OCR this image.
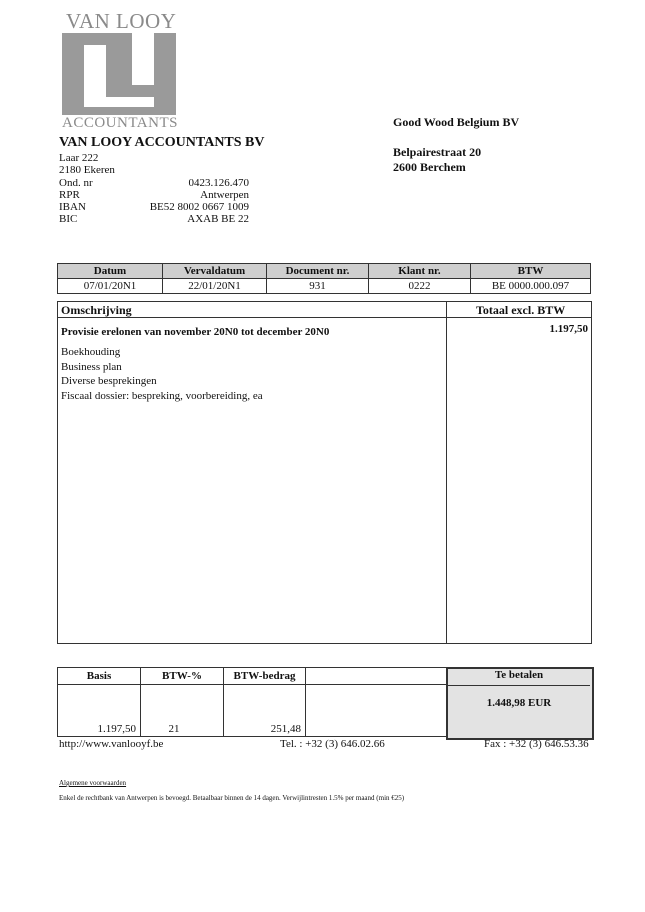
VAN LOOY
ACCOUNTANTS
VAN LOOY ACCOUNTANTS BV
Laar 222
2180 Ekeren
Ond. nr	0423.126.470
RPR	Antwerpen
IBAN	BE52 8002 0667 1009
BIC	AXAB BE 22
Good Wood Belgium BV
Belpairestraat 20
2600 Berchem
Datum	Vervaldatum	Document nr.	Klant nr.	BTW
07/01/20N1	22/01/20N1	931	0222	BE 0000.000.097
Omschrijving	Totaal excl. BTW
Provisie erelonen van november 20N0 tot december 20N0
Boekhouding
Business plan
Diverse besprekingen
Fiscaal dossier: bespreking, voorbereiding, ea
1.197,50
Basis	BTW-%	BTW-bedrag	
1.197,50	21	251,48	
Te betalen
1.448,98 EUR
http://www.vanlooyf.be	Tel. : +32 (3) 646.02.66	Fax : +32 (3) 646.53.36
Algemene voorwaarden
Enkel de rechtbank van Antwerpen is bevoegd. Betaalbaar binnen de 14 dagen. Verwijlintresten 1.5% per maand (min €25)
